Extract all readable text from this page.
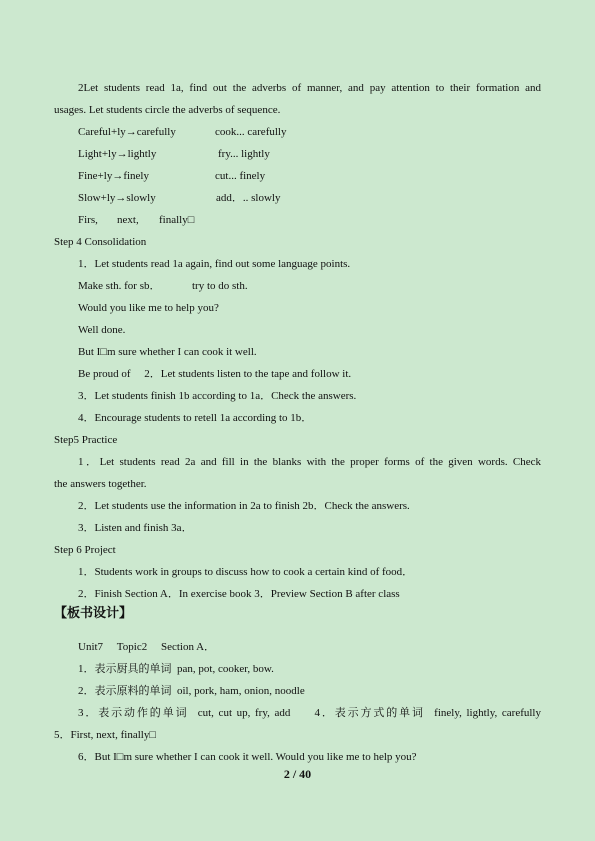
2Let students read 1a, find out the adverbs of manner, and pay attention to their formation and
usages. Let students circle the adverbs of sequence.
Careful+ly→carefully	cook... carefully
Light+ly→lightly	fry... lightly
Fine+ly→finely	cut... finely
Slow+ly→slowly	add．.. slowly
Firs, next, finally□
Step 4 Consolidation
1．Let students read 1a again, find out some language points.
Make sth. for sb．	try to do sth.
Would you like me to help you?
Well done.
But I□m sure whether I can cook it well.
Be proud of　 2．Let students listen to the tape and follow it.
3．Let students finish 1b according to 1a．Check the answers.
4．Encourage students to retell 1a according to 1b．
Step5 Practice
1．Let students read 2a and fill in the blanks with the proper forms of the given words. Check
the answers together.
2．Let students use the information in 2a to finish 2b．Check the answers.
3．Listen and finish 3a．
Step 6 Project
1．Students work in groups to discuss how to cook a certain kind of food．
2．Finish Section A．In exercise book 3．Preview Section B after class
【板书设计】
Unit7　 Topic2　 Section A．
1．表示厨具的单词  pan, pot, cooker, bow.
2．表示原料的单词  oil, pork, ham, onion, noodle
3．表示动作的单词  cut, cut up, fry, add　  4．表示方式的单词  finely, lightly, carefully
5．First, next, finally□
6．But I□m sure whether I can cook it well. Would you like me to help you?
2 / 40
